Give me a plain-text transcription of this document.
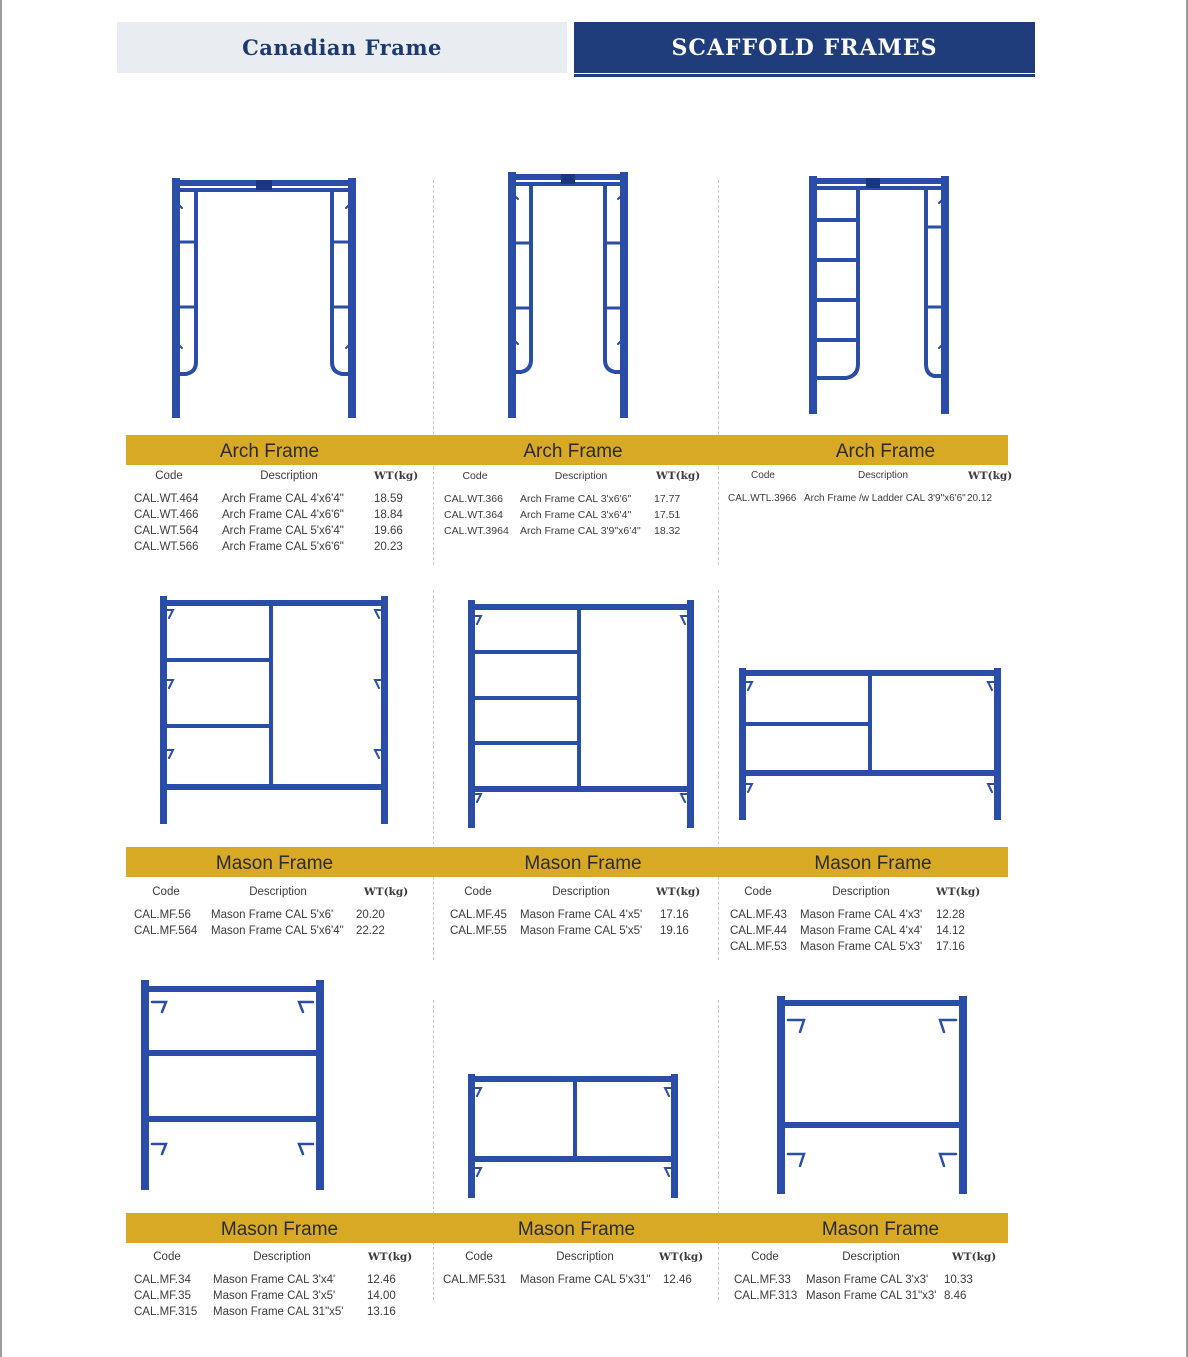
Canadian Frame	SCAFFOLD FRAMES
Arch Frame	Arch Frame	Arch Frame
Code	Description	WT(kg)
CAL.WT.464	Arch Frame CAL 4'x6'4"	18.59
CAL.WT.466	Arch Frame CAL 4'x6'6"	18.84
CAL.WT.564	Arch Frame CAL 5'x6'4"	19.66
CAL.WT.566	Arch Frame CAL 5'x6'6"	20.23
Code	Description	WT(kg)
CAL.WT.366	Arch Frame CAL 3'x6'6"	17.77
CAL.WT.364	Arch Frame CAL 3'x6'4"	17.51
CAL.WT.3964	Arch Frame CAL 3'9"x6'4"	18.32
Code	Description	WT(kg)
CAL.WTL.3966 Arch Frame /w Ladder CAL 3'9"x6'6" 20.12
Mason Frame	Mason Frame	Mason Frame
Code	Description	WT(kg)
CAL.MF.56	Mason Frame CAL 5'x6'	20.20
CAL.MF.564	Mason Frame CAL 5'x6'4"	22.22
Code	Description	WT(kg)
CAL.MF.45	Mason Frame CAL 4'x5'	17.16
CAL.MF.55	Mason Frame CAL 5'x5'	19.16
Code	Description	WT(kg)
CAL.MF.43	Mason Frame CAL 4'x3'	12.28
CAL.MF.44	Mason Frame CAL 4'x4'	14.12
CAL.MF.53	Mason Frame CAL 5'x3'	17.16
Mason Frame	Mason Frame	Mason Frame
Code	Description	WT(kg)
CAL.MF.34	Mason Frame CAL 3'x4'	12.46
CAL.MF.35	Mason Frame CAL 3'x5'	14.00
CAL.MF.315	Mason Frame CAL 31"x5'	13.16
Code	Description	WT(kg)
CAL.MF.531	Mason Frame CAL 5'x31"	12.46
Code	Description	WT(kg)
CAL.MF.33	Mason Frame CAL 3'x3'	10.33
CAL.MF.313 Mason Frame CAL 31"x3' 8.46
